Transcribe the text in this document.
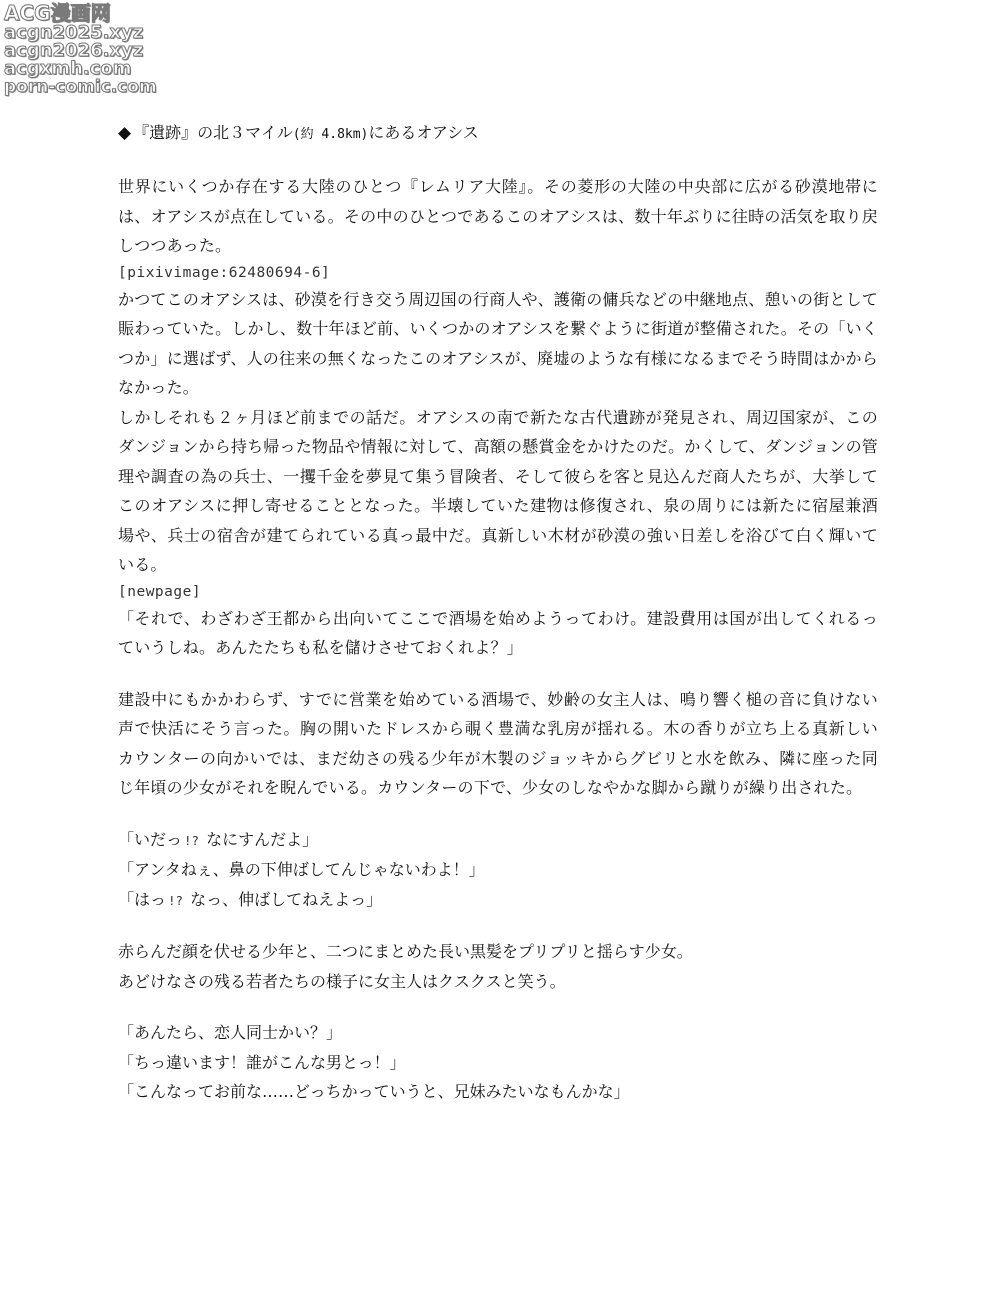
ACG漫画网
acgn2025.xyz
acgn2026.xyz
acgxmh.com
porn-comic.com
◆ 『遺跡』の北３マイル(約 4.8km)にあるオアシス

世界にいくつか存在する大陸のひとつ『レムリア大陸』。その菱形の大陸の中央部に広がる砂漠地帯には、オアシスが点在している。その中のひとつであるこのオアシスは、数十年ぶりに往時の活気を取り戻しつつあった。

[pixivimage:62480694-6]

かつてこのオアシスは、砂漠を行き交う周辺国の行商人や、護衛の傭兵などの中継地点、憩いの街として賑わっていた。しかし、数十年ほど前、いくつかのオアシスを繋ぐように街道が整備された。その「いくつか」に選ばず、人の往来の無くなったこのオアシスが、廃墟のような有様になるまでそう時間はかからなかった。

しかしそれも２ヶ月ほど前までの話だ。オアシスの南で新たな古代遺跡が発見され、周辺国家が、このダンジョンから持ち帰った物品や情報に対して、高額の懸賞金をかけたのだ。かくして、ダンジョンの管理や調査の為の兵士、一攫千金を夢見て集う冒険者、そして彼らを客と見込んだ商人たちが、大挙してこのオアシスに押し寄せることとなった。半壊していた建物は修復され、泉の周りには新たに宿屋兼酒場や、兵士の宿舎が建てられている真っ最中だ。真新しい木材が砂漠の強い日差しを浴びて白く輝いている。

[newpage]

「それで、わざわざ王都から出向いてここで酒場を始めようってわけ。建設費用は国が出してくれるっていうしね。あんたたちも私を儲けさせておくれよ？」

建設中にもかかわらず、すでに営業を始めている酒場で、妙齢の女主人は、鳴り響く槌の音に負けない声で快活にそう言った。胸の開いたドレスから覗く豊満な乳房が揺れる。木の香りが立ち上る真新しいカウンターの向かいでは、まだ幼さの残る少年が木製のジョッキからグビリと水を飲み、隣に座った同じ年頃の少女がそれを睨んでいる。カウンターの下で、少女のしなやかな脚から蹴りが繰り出された。

「いだっ !? なにすんだよ」

「アンタねぇ、鼻の下伸ばしてんじゃないわよ！」

「はっ !? なっ、伸ばしてねえよっ」

赤らんだ顔を伏せる少年と、二つにまとめた長い黒髪をプリプリと揺らす少女。

あどけなさの残る若者たちの様子に女主人はクスクスと笑う。

「あんたら、恋人同士かい？」

「ちっ違います！誰がこんな男とっ！」

「こんなってお前な……どっちかっていうと、兄妹みたいなもんかな」
